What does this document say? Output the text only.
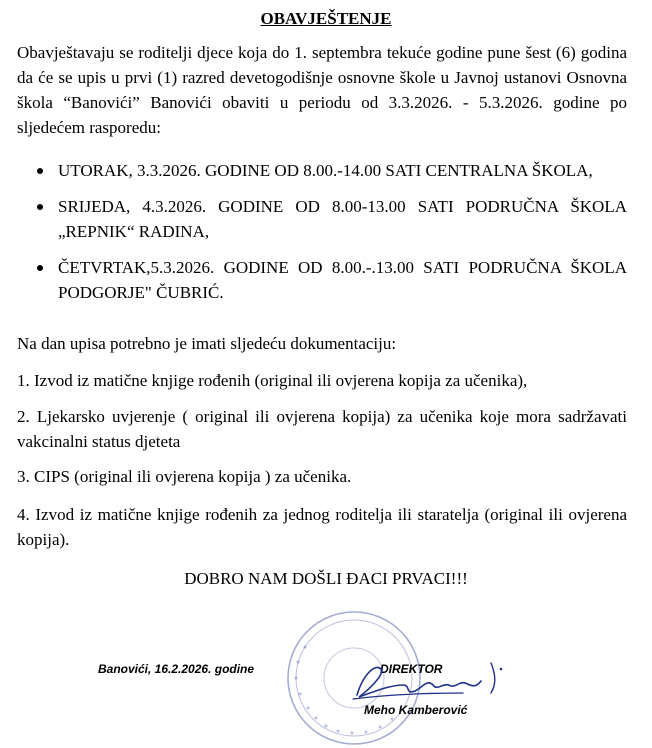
OBAVJEŠTENJE
Obavještavaju se roditelji djece koja do 1. septembra tekuće godine pune šest (6) godina da će se upis u prvi (1) razred devetogodišnje osnovne škole u Javnoj ustanovi Osnovna škola “Banovići” Banovići obaviti u periodu od 3.3.2026. - 5.3.2026. godine po sljedećem rasporedu:
UTORAK, 3.3.2026. GODINE OD 8.00.-14.00 SATI CENTRALNA ŠKOLA,
SRIJEDA, 4.3.2026. GODINE OD 8.00-13.00 SATI PODRUČNA ŠKOLA „REPNIK“ RADINA,
ČETVRTAK,5.3.2026. GODINE OD 8.00.-.13.00 SATI PODRUČNA ŠKOLA PODGORJE" ČUBRIĆ.
Na dan upisa potrebno je imati sljedeću dokumentaciju:
1. Izvod iz matične knjige rođenih (original ili ovjerena kopija za učenika),
2. Ljekarsko uvjerenje ( original ili ovjerena kopija) za učenika koje mora sadržavati vakcinalni status djeteta
3. CIPS (original ili ovjerena kopija ) za učenika.
4. Izvod iz matične knjige rođenih za jednog roditelja ili staratelja (original ili ovjerena kopija).
DOBRO NAM DOŠLI ĐACI PRVACI!!!
Banovići, 16.2.2026. godine	DIREKTOR
Meho Kamberović
